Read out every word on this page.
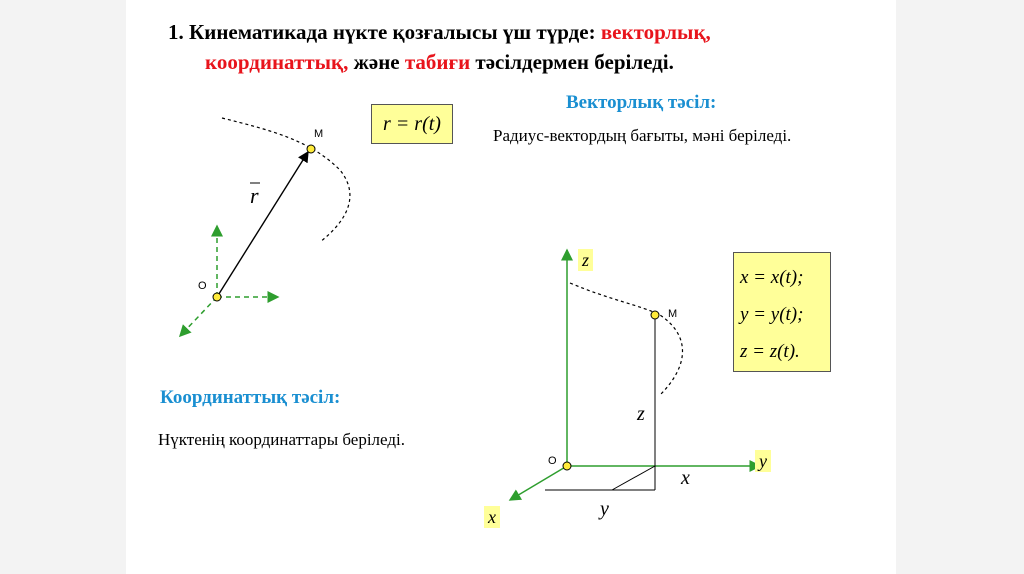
1. Кинематикада нүкте қозғалысы үш түрде: векторлық,
координаттық, және табиғи тәсілдермен беріледі.
Векторлық тәсіл:
Радиус-вектордың бағыты, мәні беріледі.
r = r(t)
Координаттық тәсіл:
Нүктенің координаттары беріледі.
x = x(t);
y = y(t);
z = z(t).
M
O
r
z
y
x
M
O
z
x
y
